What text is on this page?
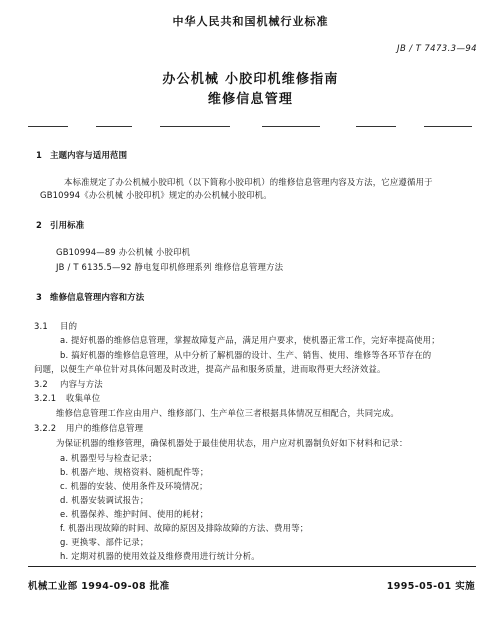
中华人民共和国机械行业标准
JB / T 7473.3—94
办公机械 小胶印机维修指南
维修信息管理
1 主题内容与适用范围
本标准规定了办公机械小胶印机（以下简称小胶印机）的维修信息管理内容及方法，它应遵循用于
GB10994《办公机械 小胶印机》规定的办公机械小胶印机。
2 引用标准
GB10994—89 办公机械 小胶印机
JB / T 6135.5—92 静电复印机修理系列 维修信息管理方法
3 维修信息管理内容和方法
3.1 目的
a. 提好机器的维修信息管理，掌握故障复产品，满足用户要求，使机器正常工作，完好率提高使用；
b. 搞好机器的维修信息管理，从中分析了解机器的设计、生产、销售、使用、维修等各环节存在的
问题，以便生产单位针对具体问题及时改进，提高产品和服务质量，进而取得更大经济效益。
3.2 内容与方法
3.2.1 收集单位
维修信息管理工作应由用户、维修部门、生产单位三者根据具体情况互相配合，共同完成。
3.2.2 用户的维修信息管理
为保证机器的维修管理，确保机器处于最佳使用状态，用户应对机器制负好如下材料和记录：
a. 机器型号与检查记录；
b. 机器产地、规格资料、随机配件等；
c. 机器的安装、使用条件及环境情况；
d. 机器安装调试报告；
e. 机器保养、维护时间、使用的耗材；
f. 机器出现故障的时间、故障的原因及排除故障的方法、费用等；
g. 更换零、部件记录；
h. 定期对机器的使用效益及维修费用进行统计分析。
机械工业部 1994-09-08 批准	1995-05-01 实施
